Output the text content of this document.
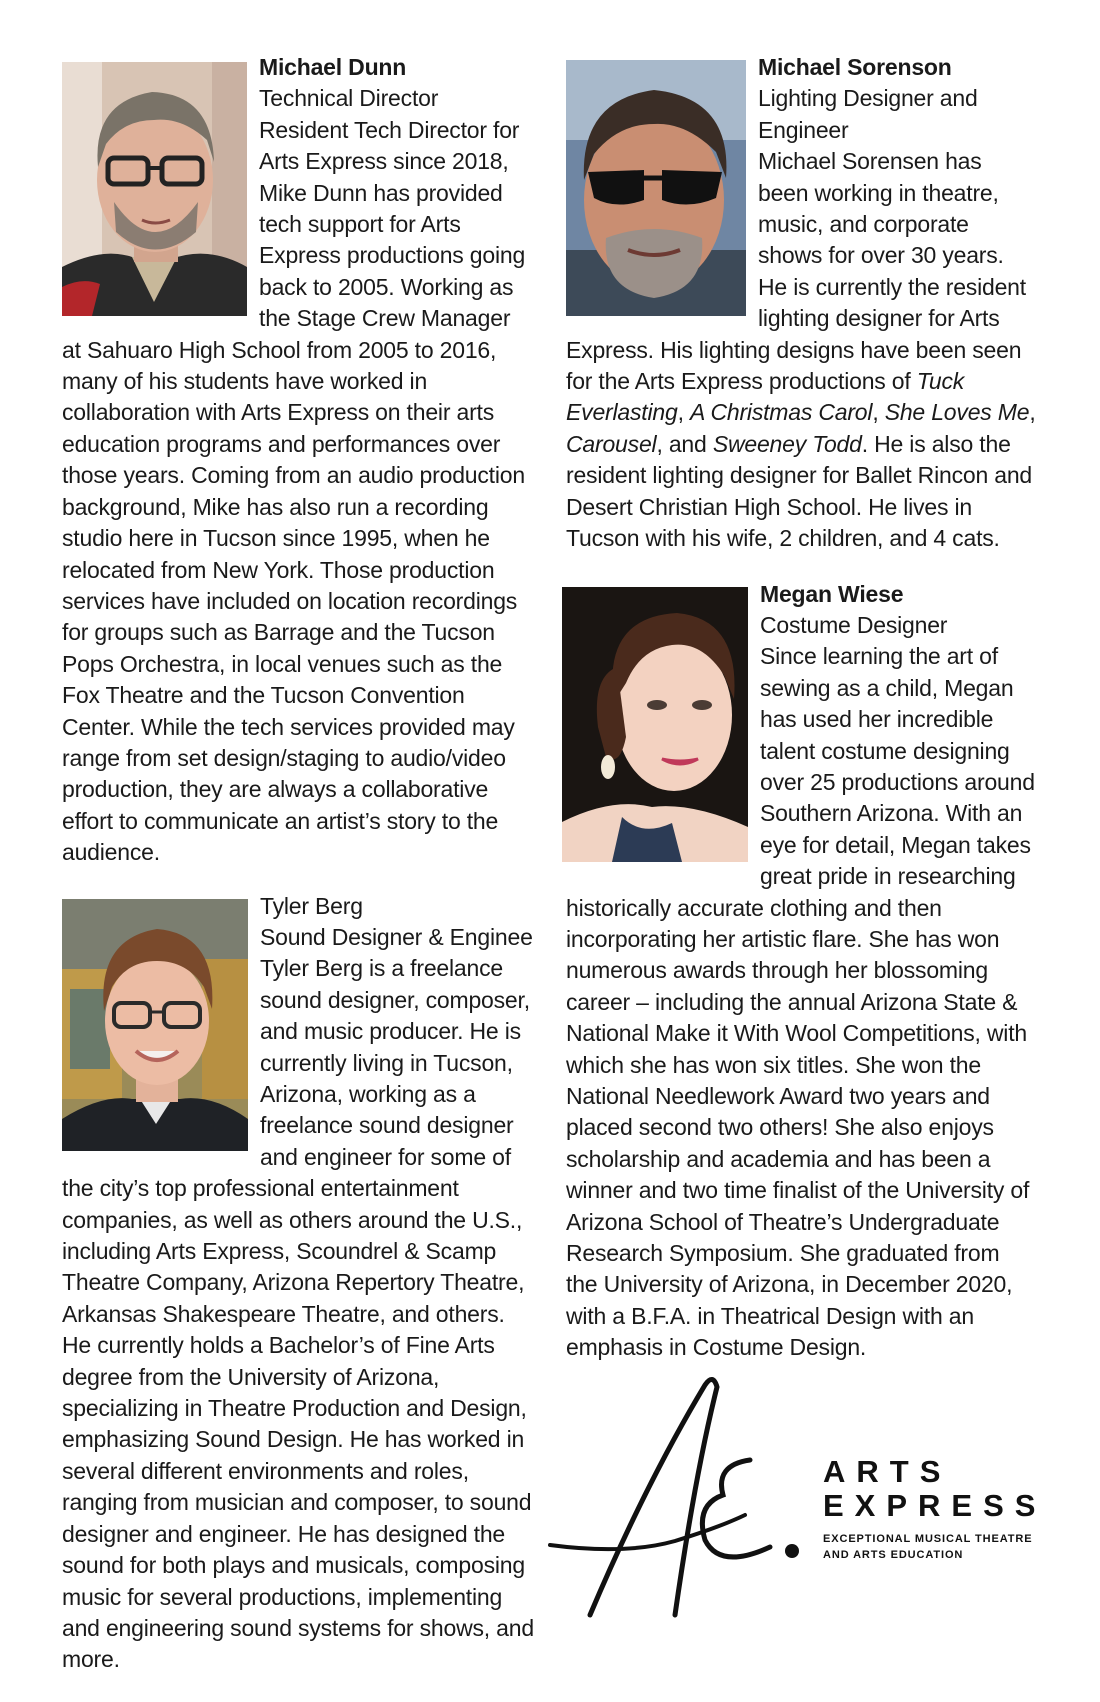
Michael Dunn
Technical Director
Resident Tech Director for Arts Express since 2018, Mike Dunn has provided tech support for Arts Express productions going back to 2005. Working as the Stage Crew Manager at Sahuaro High School from 2005 to 2016, many of his students have worked in collaboration with Arts Express on their arts education programs and performances over those years. Coming from an audio production background, Mike has also run a recording studio here in Tucson since 1995, when he relocated from New York. Those production services have included on location recordings for groups such as Barrage and the Tucson Pops Orchestra, in local venues such as the Fox Theatre and the Tucson Convention Center. While the tech services provided may range from set design/staging to audio/video production, they are always a collaborative effort to communicate an artist’s story to the audience.

Tyler Berg
Sound Designer & Enginee
Tyler Berg is a freelance sound designer, composer, and music producer. He is currently living in Tucson, Arizona, working as a freelance sound designer and engineer for some of the city’s top professional entertainment companies, as well as others around the U.S., including Arts Express, Scoundrel & Scamp Theatre Company, Arizona Repertory Theatre, Arkansas Shakespeare Theatre, and others. He currently holds a Bachelor’s of Fine Arts degree from the University of Arizona, specializing in Theatre Production and Design, emphasizing Sound Design. He has worked in several different environments and roles, ranging from musician and composer, to sound designer and engineer. He has designed the sound for both plays and musicals, composing music for several productions, implementing and engineering sound systems for shows, and more.

Michael Sorenson
Lighting Designer and Engineer
Michael Sorensen has been working in theatre, music, and corporate shows for over 30 years. He is currently the resident lighting designer for Arts Express. His lighting designs have been seen for the Arts Express productions of Tuck Everlasting, A Christmas Carol, She Loves Me, Carousel, and Sweeney Todd. He is also the resident lighting designer for Ballet Rincon and Desert Christian High School. He lives in Tucson with his wife, 2 children, and 4 cats.

Megan Wiese
Costume Designer
Since learning the art of sewing as a child, Megan has used her incredible talent costume designing over 25 productions around Southern Arizona. With an eye for detail, Megan takes great pride in researching historically accurate clothing and then incorporating her artistic flare. She has won numerous awards through her blossoming career – including the annual Arizona State & National Make it With Wool Competitions, with which she has won six titles. She won the National Needlework Award two years and placed second two others! She also enjoys scholarship and academia and has been a winner and two time finalist of the University of Arizona School of Theatre’s Undergraduate Research Symposium. She graduated from the University of Arizona, in December 2020, with a B.F.A. in Theatrical Design with an emphasis in Costume Design.

ARTS
EXPRESS
EXCEPTIONAL MUSICAL THEATRE
AND ARTS EDUCATION
